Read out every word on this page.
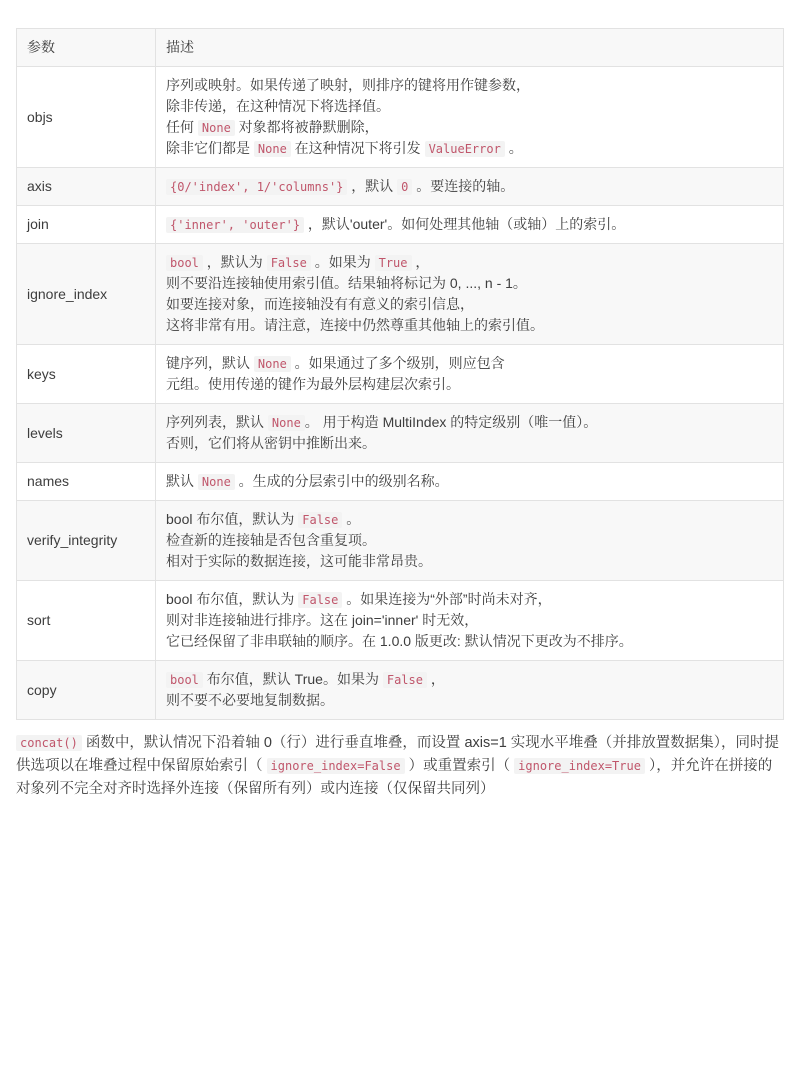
参数	描述
objs	序列或映射。如果传递了映射，则排序的键将用作键参数，
除非传递，在这种情况下将选择值。
任何 None 对象都将被静默删除，
除非它们都是 None 在这种情况下将引发 ValueError 。
axis	{0/'index', 1/'columns'} ，默认 0 。要连接的轴。
join	{'inner', 'outer'} ，默认'outer'。如何处理其他轴（或轴）上的索引。
ignore_index	bool ，默认为 False 。如果为 True ，
则不要沿连接轴使用索引值。结果轴将标记为 0, ..., n - 1。
如要连接对象，而连接轴没有有意义的索引信息，
这将非常有用。请注意，连接中仍然尊重其他轴上的索引值。
keys	键序列，默认 None 。如果通过了多个级别，则应包含
元组。使用传递的键作为最外层构建层次索引。
levels	序列列表，默认 None 。 用于构造 MultiIndex 的特定级别（唯一值）。
否则，它们将从密钥中推断出来。
names	默认 None 。生成的分层索引中的级别名称。
verify_integrity	bool 布尔值，默认为 False 。
检查新的连接轴是否包含重复项。
相对于实际的数据连接，这可能非常昂贵。
sort	bool 布尔值，默认为 False 。如果连接为“外部”时尚未对齐，
则对非连接轴进行排序。这在 join='inner' 时无效，
它已经保留了非串联轴的顺序。在 1.0.0 版更改: 默认情况下更改为不排序。
copy	bool 布尔值，默认 True。如果为 False ，
则不要不必要地复制数据。

concat() 函数中，默认情况下沿着轴 0（行）进行垂直堆叠，而设置 axis=1 实现水平堆叠（并排放置数据集），同时提供选项以在堆叠过程中保留原始索引（ ignore_index=False ）或重置索引（ ignore_index=True ），并允许在拼接的对象列不完全对齐时选择外连接（保留所有列）或内连接（仅保留共同列）
